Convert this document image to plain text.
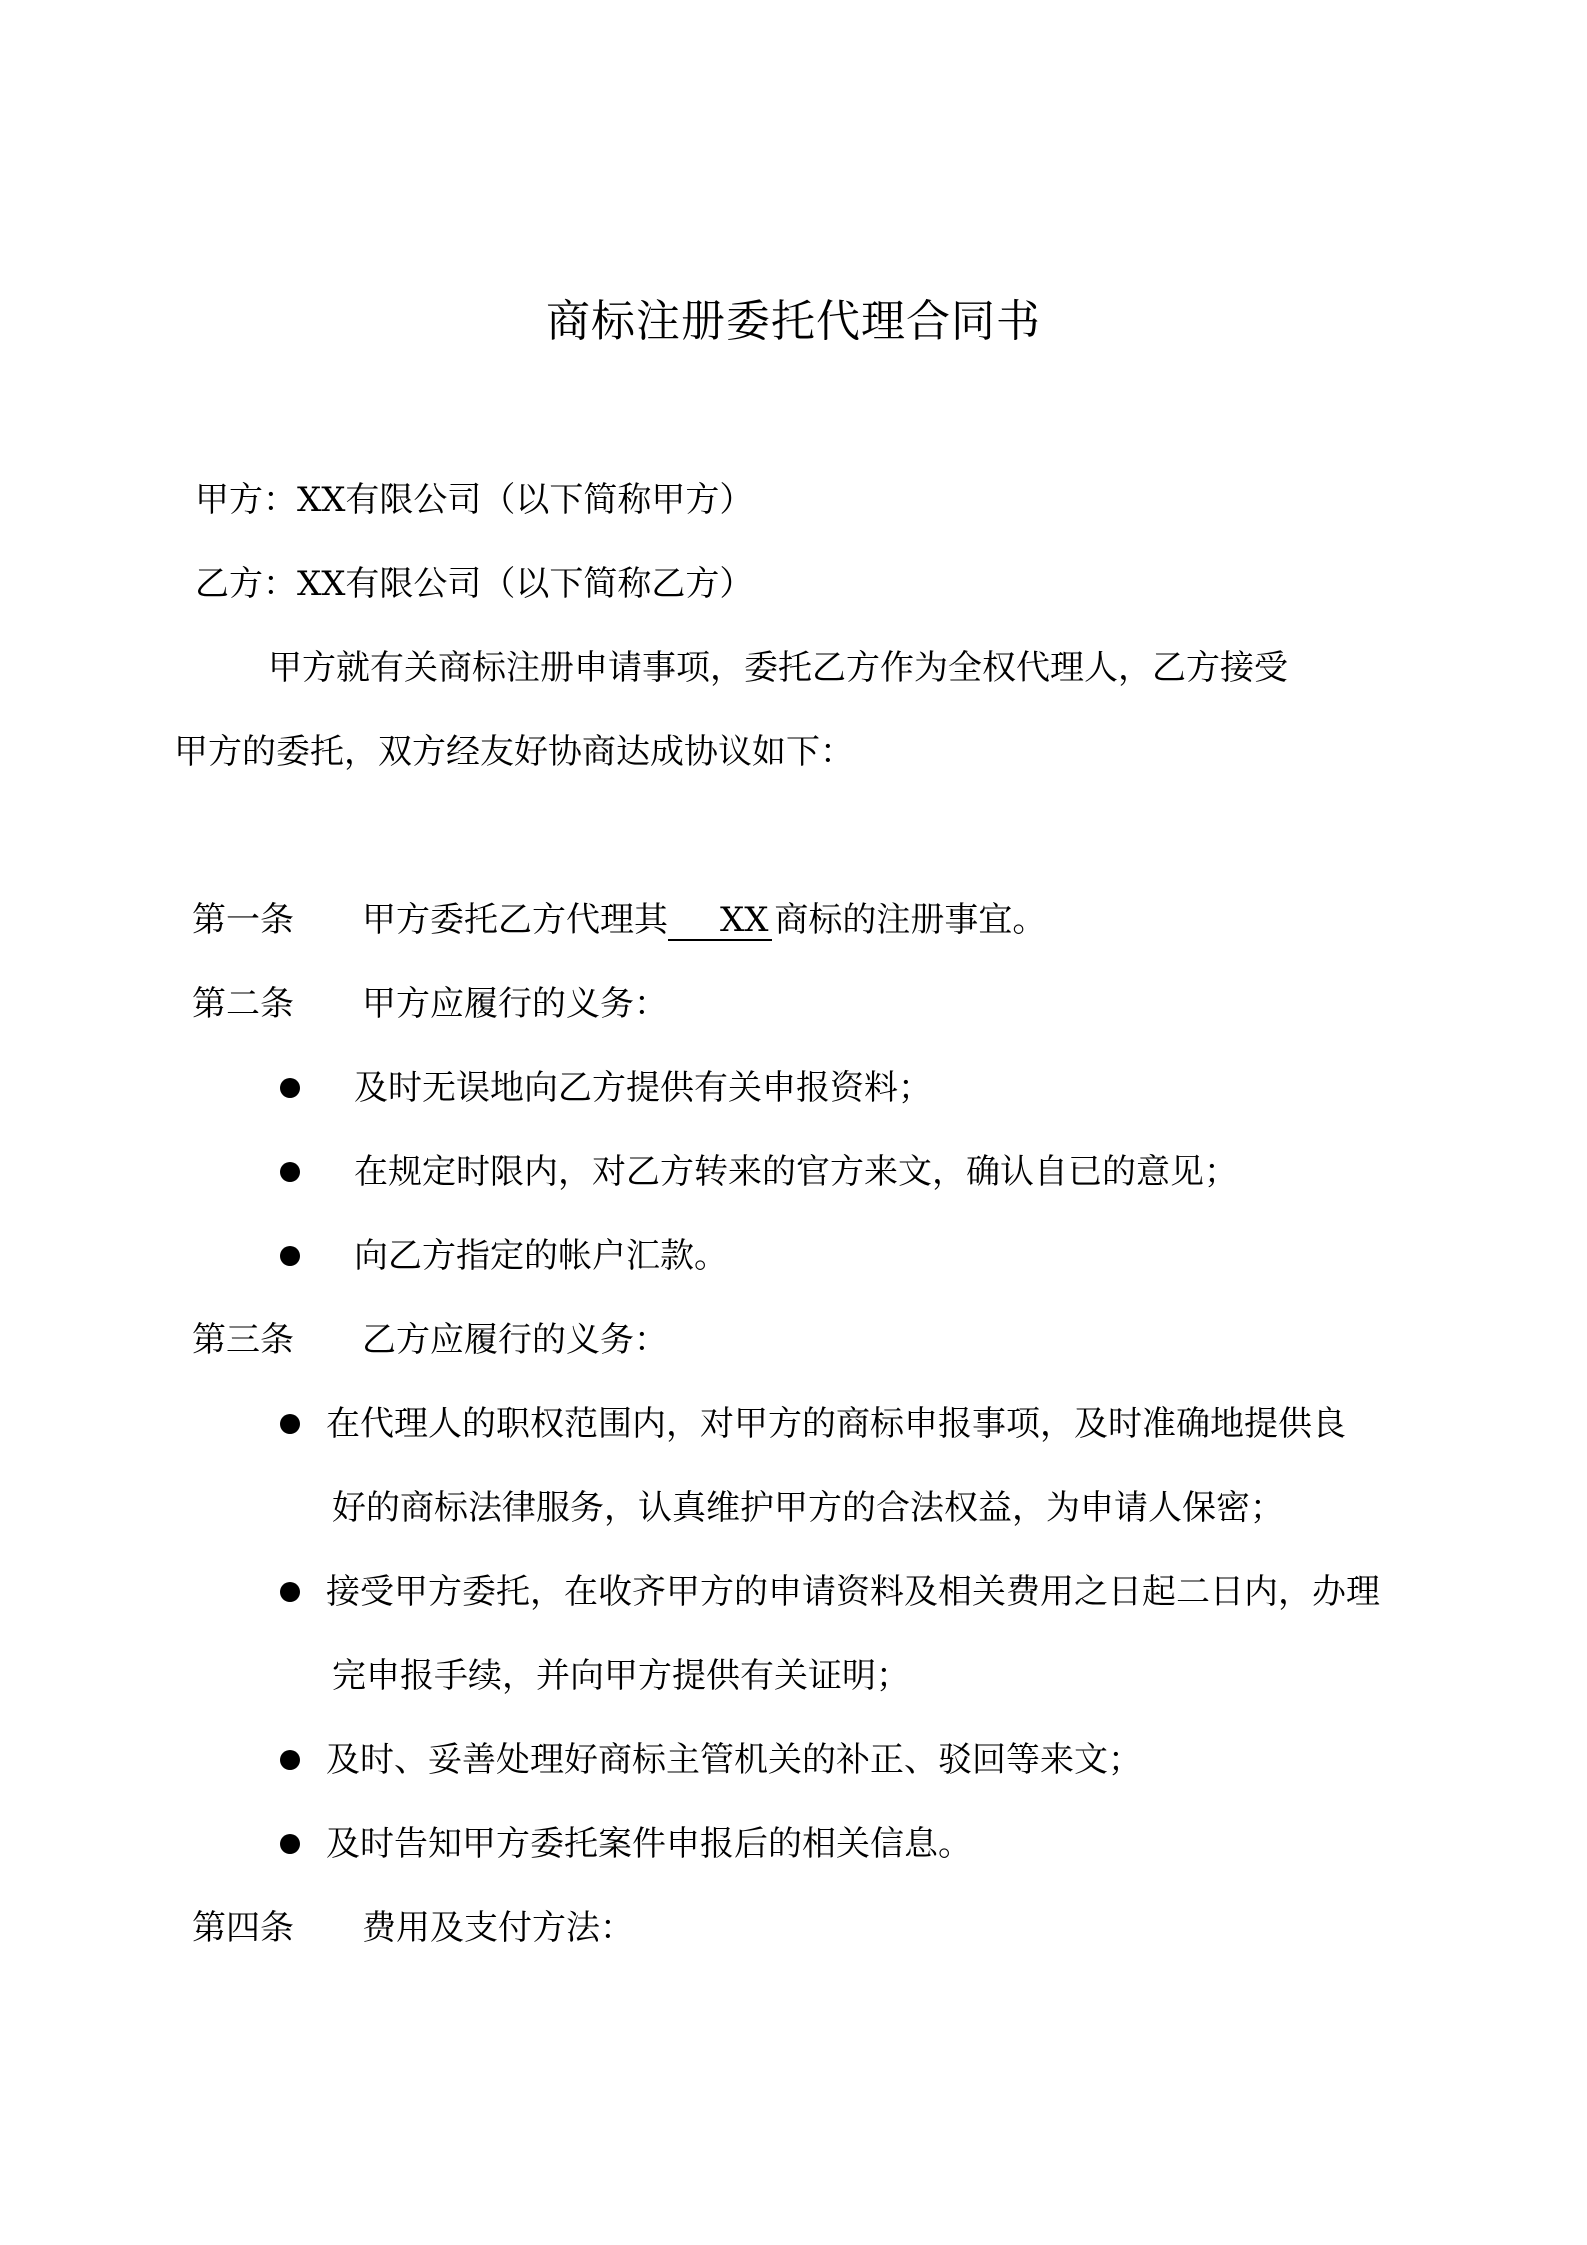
商标注册委托代理合同书
甲方：XX有限公司（以下简称甲方）
乙方：XX有限公司（以下简称乙方）
甲方就有关商标注册申请事项，委托乙方作为全权代理人，乙方接受
甲方的委托，双方经友好协商达成协议如下：
第一条 甲方委托乙方代理其 XX 商标的注册事宜。
第二条 甲方应履行的义务：
及时无误地向乙方提供有关申报资料；
在规定时限内，对乙方转来的官方来文，确认自已的意见；
向乙方指定的帐户汇款。
第三条 乙方应履行的义务：
在代理人的职权范围内，对甲方的商标申报事项，及时准确地提供良
好的商标法律服务，认真维护甲方的合法权益，为申请人保密；
接受甲方委托，在收齐甲方的申请资料及相关费用之日起二日内，办理
完申报手续，并向甲方提供有关证明；
及时、妥善处理好商标主管机关的补正、驳回等来文；
及时告知甲方委托案件申报后的相关信息。
第四条 费用及支付方法：
